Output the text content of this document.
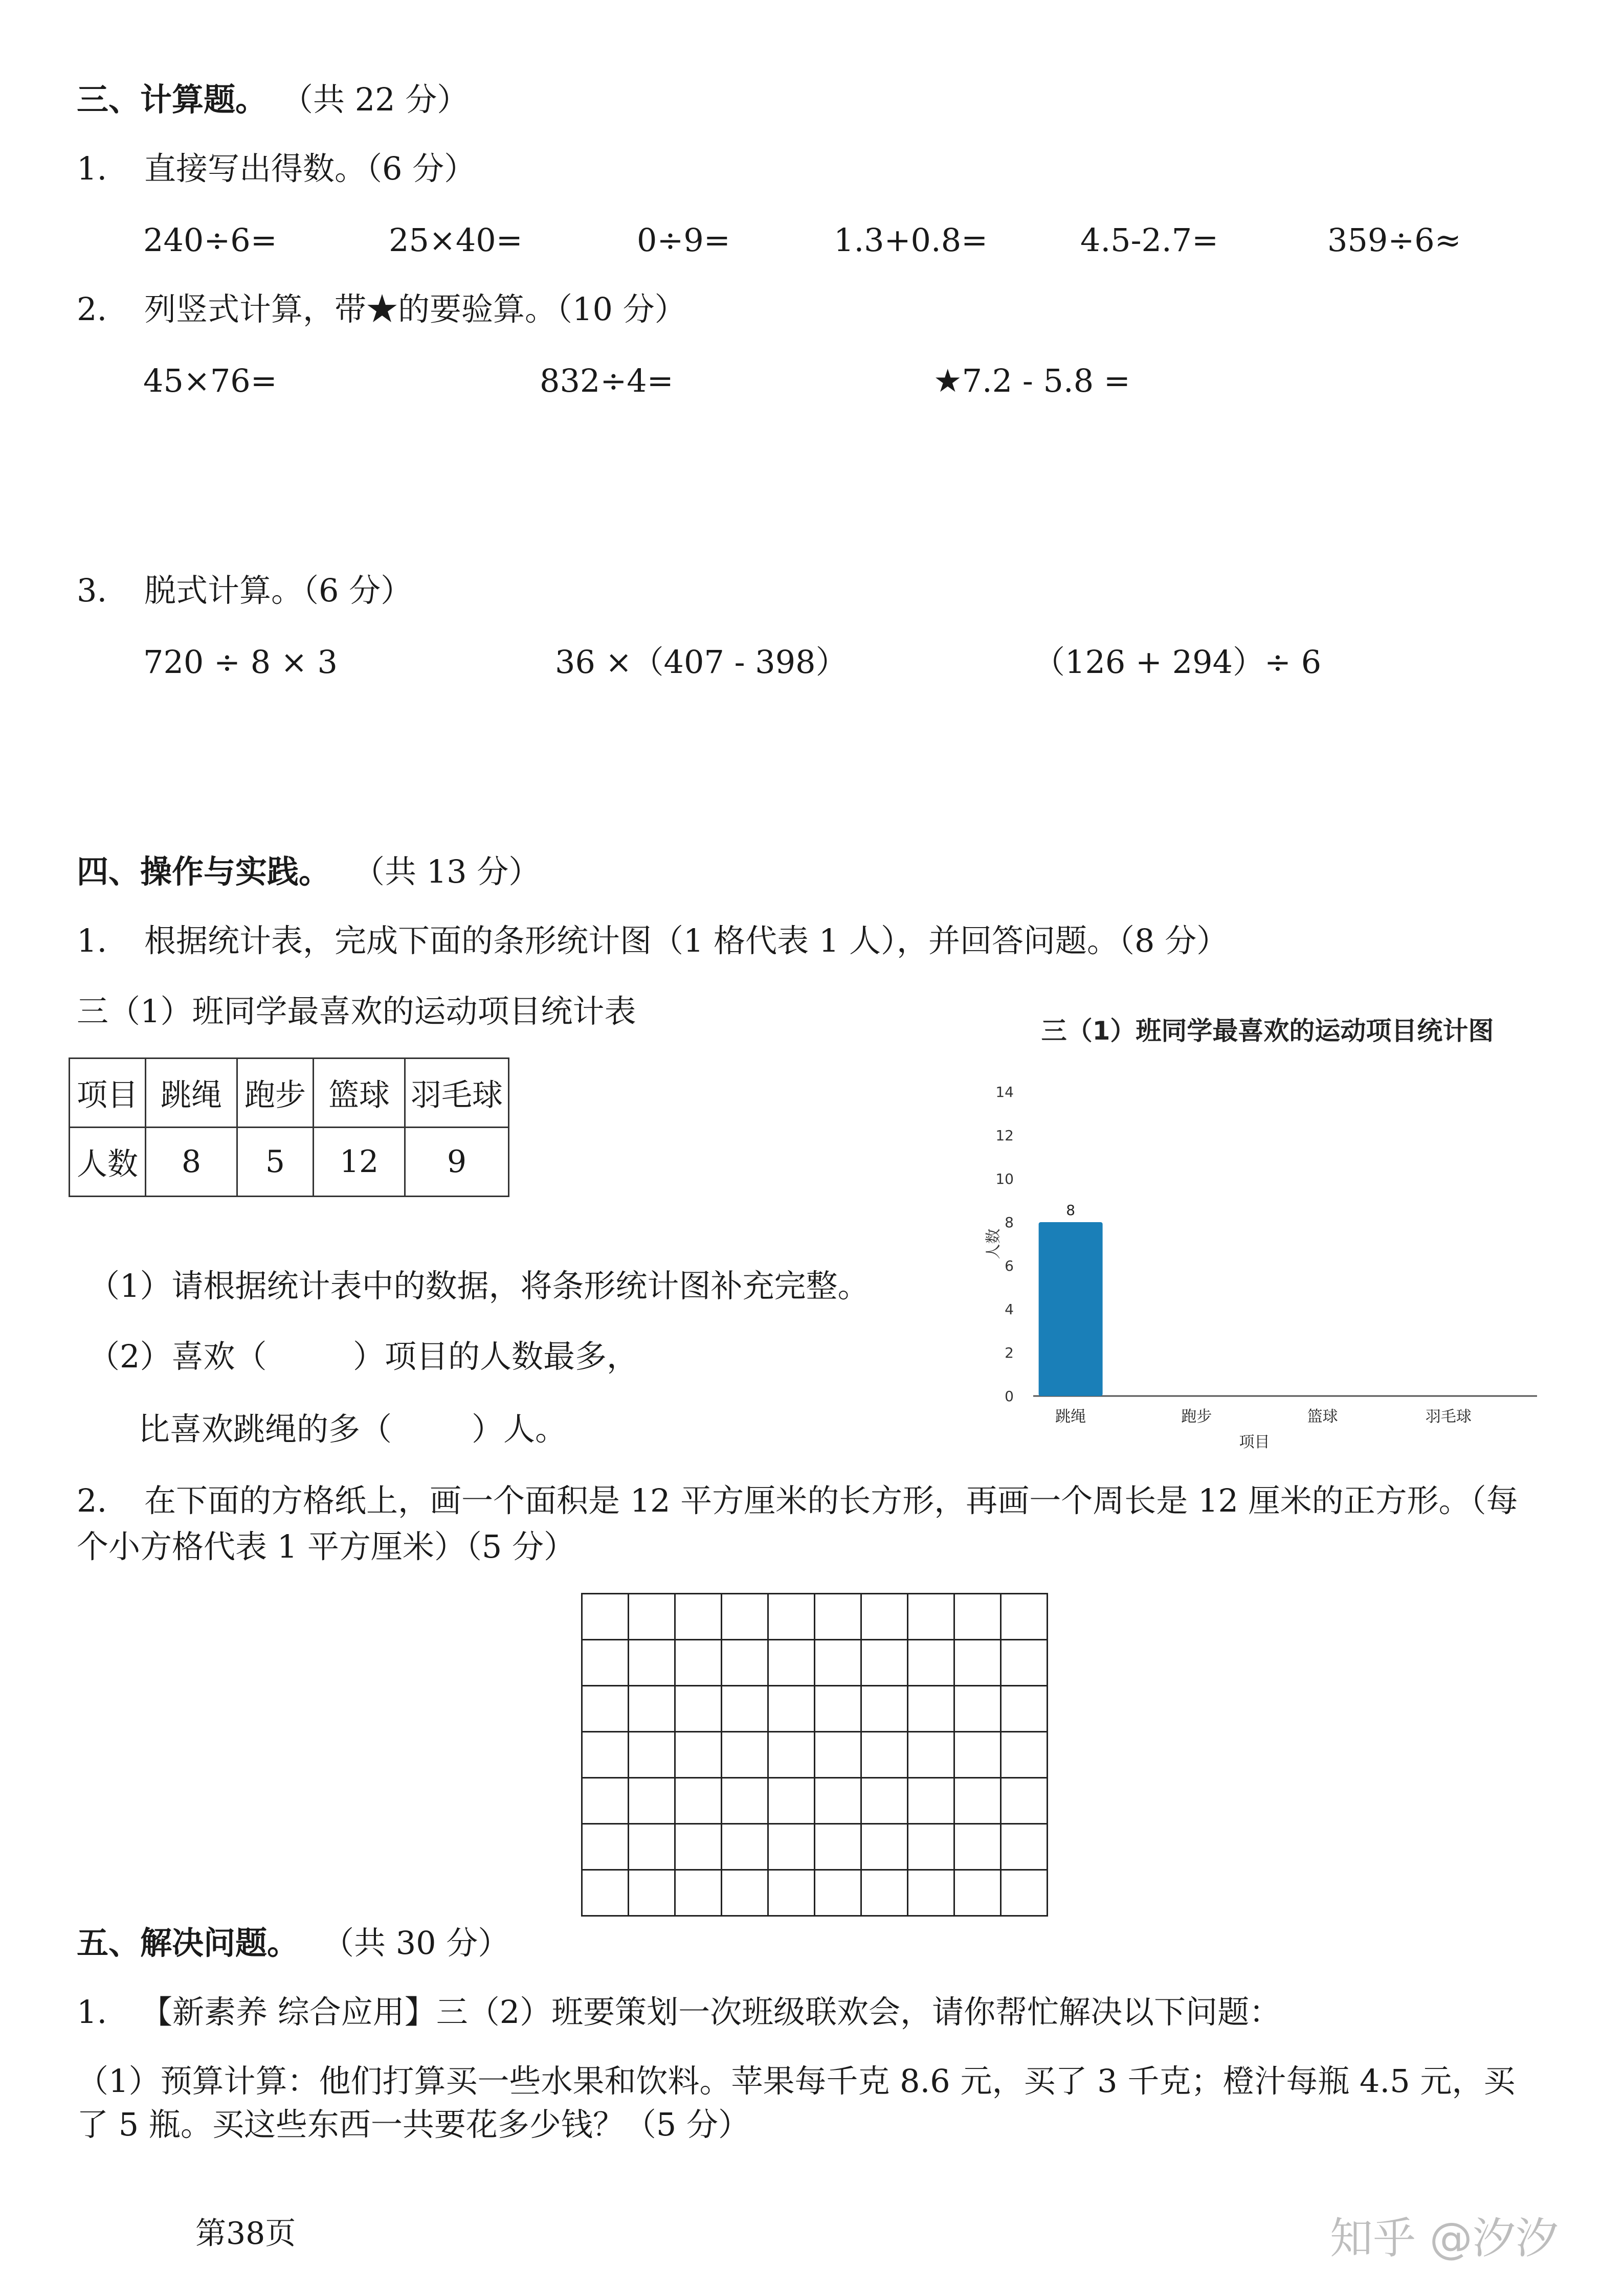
三、计算题。 （共 22 分）
1. 直接写出得数。（6 分）
240÷6=	25×40=	0÷9=	1.3+0.8=	4.5-2.7=	359÷6≈
2. 列竖式计算，带★的要验算。（10 分）
45×76=	832÷4=	★7.2 - 5.8 =
3. 脱式计算。（6 分）
720 ÷ 8 × 3	36 ×（407 - 398）	（126 + 294）÷ 6
四、操作与实践。 （共 13 分）
1. 根据统计表，完成下面的条形统计图（1 格代表 1 人），并回答问题。（8 分）
三（1）班同学最喜欢的运动项目统计表
项目	跳绳	跑步	篮球	羽毛球
人数	8	5	12	9
三（1）班同学最喜欢的运动项目统计图
0
2
4
6
8
10
12
14
人数
8
跳绳	跑步	篮球	羽毛球
项目
（1）请根据统计表中的数据，将条形统计图补充完整。
（2）喜欢（	）项目的人数最多，
比喜欢跳绳的多（	）人。
2. 在下面的方格纸上，画一个面积是 12 平方厘米的长方形，再画一个周长是 12 厘米的正方形。（每
个小方格代表 1 平方厘米）（5 分）

五、解决问题。 （共 30 分）
1. 【新素养 综合应用】三（2）班要策划一次班级联欢会，请你帮忙解决以下问题：
（1）预算计算：他们打算买一些水果和饮料。苹果每千克 8.6 元，买了 3 千克；橙汁每瓶 4.5 元，买
了 5 瓶。买这些东西一共要花多少钱？（5 分）
第38页	知乎 @汐汐
